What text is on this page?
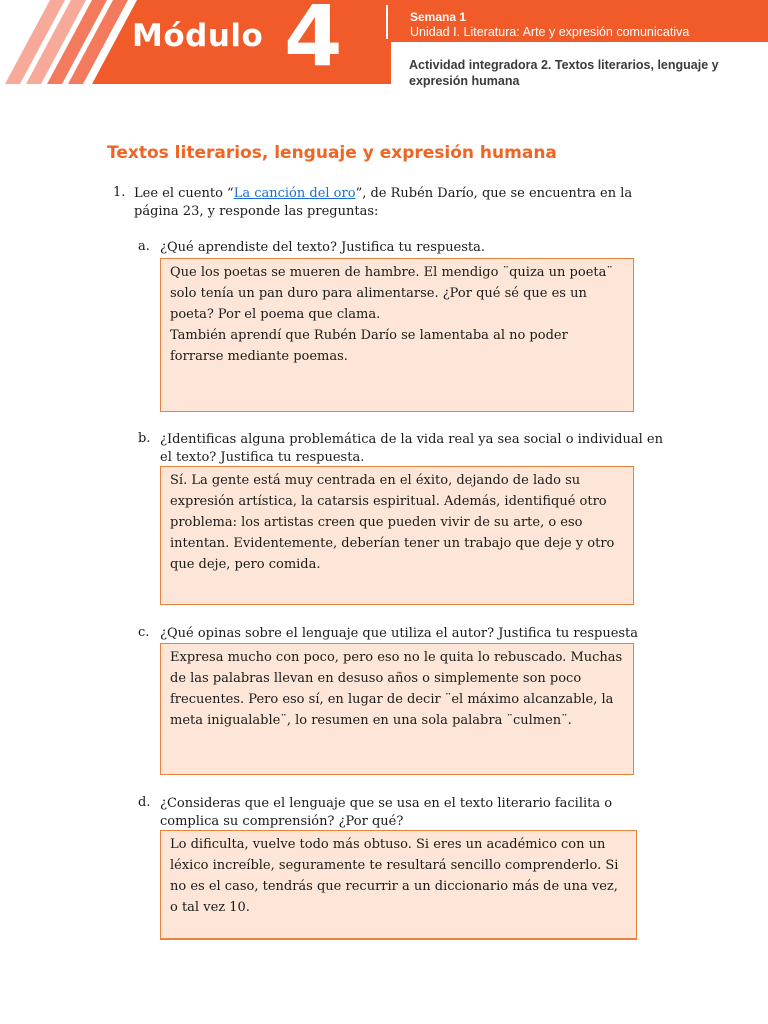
Módulo 4	Semana 1
Unidad I. Literatura: Arte y expresión comunicativa
Actividad integradora 2. Textos literarios, lenguaje y expresión humana
Textos literarios, lenguaje y expresión humana
1. Lee el cuento “La canción del oro”, de Rubén Darío, que se encuentra en la página 23, y responde las preguntas:
a. ¿Qué aprendiste del texto? Justifica tu respuesta.
Que los poetas se mueren de hambre. El mendigo ¨quiza un poeta¨ solo tenía un pan duro para alimentarse. ¿Por qué sé que es un poeta? Por el poema que clama.
También aprendí que Rubén Darío se lamentaba al no poder forrarse mediante poemas.
b. ¿Identificas alguna problemática de la vida real ya sea social o individual en el texto? Justifica tu respuesta.
Sí. La gente está muy centrada en el éxito, dejando de lado su expresión artística, la catarsis espiritual. Además, identifiqué otro problema: los artistas creen que pueden vivir de su arte, o eso intentan. Evidentemente, deberían tener un trabajo que deje y otro que deje, pero comida.
c. ¿Qué opinas sobre el lenguaje que utiliza el autor? Justifica tu respuesta
Expresa mucho con poco, pero eso no le quita lo rebuscado. Muchas de las palabras llevan en desuso años o simplemente son poco frecuentes. Pero eso sí, en lugar de decir ¨el máximo alcanzable, la meta inigualable¨, lo resumen en una sola palabra ¨culmen¨.
d. ¿Consideras que el lenguaje que se usa en el texto literario facilita o complica su comprensión? ¿Por qué?
Lo dificulta, vuelve todo más obtuso. Si eres un académico con un léxico increíble, seguramente te resultará sencillo comprenderlo. Si no es el caso, tendrás que recurrir a un diccionario más de una vez, o tal vez 10.
